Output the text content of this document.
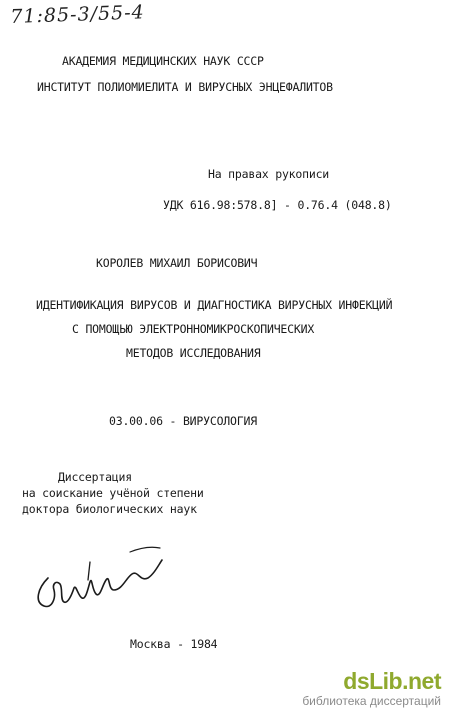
71:85-3/55-4
АКАДЕМИЯ МЕДИЦИНСКИХ НАУК СССР
ИНСТИТУТ ПОЛИОМИЕЛИТА И ВИРУСНЫХ ЭНЦЕФАЛИТОВ
На правах рукописи
УДК 616.98:578.8] - 0.76.4 (048.8)
КОРОЛЕВ МИХАИЛ БОРИСОВИЧ
ИДЕНТИФИКАЦИЯ ВИРУСОВ И ДИАГНОСТИКА ВИРУСНЫХ ИНФЕКЦИЙ
С ПОМОЩЬЮ ЭЛЕКТРОННОМИКРОСКОПИЧЕСКИХ
МЕТОДОВ ИССЛЕДОВАНИЯ
03.00.06 - ВИРУСОЛОГИЯ
Диссертация
на соискание учёной степени
доктора биологических наук
Москва - 1984
dsLib.net
библиотека диссертаций
